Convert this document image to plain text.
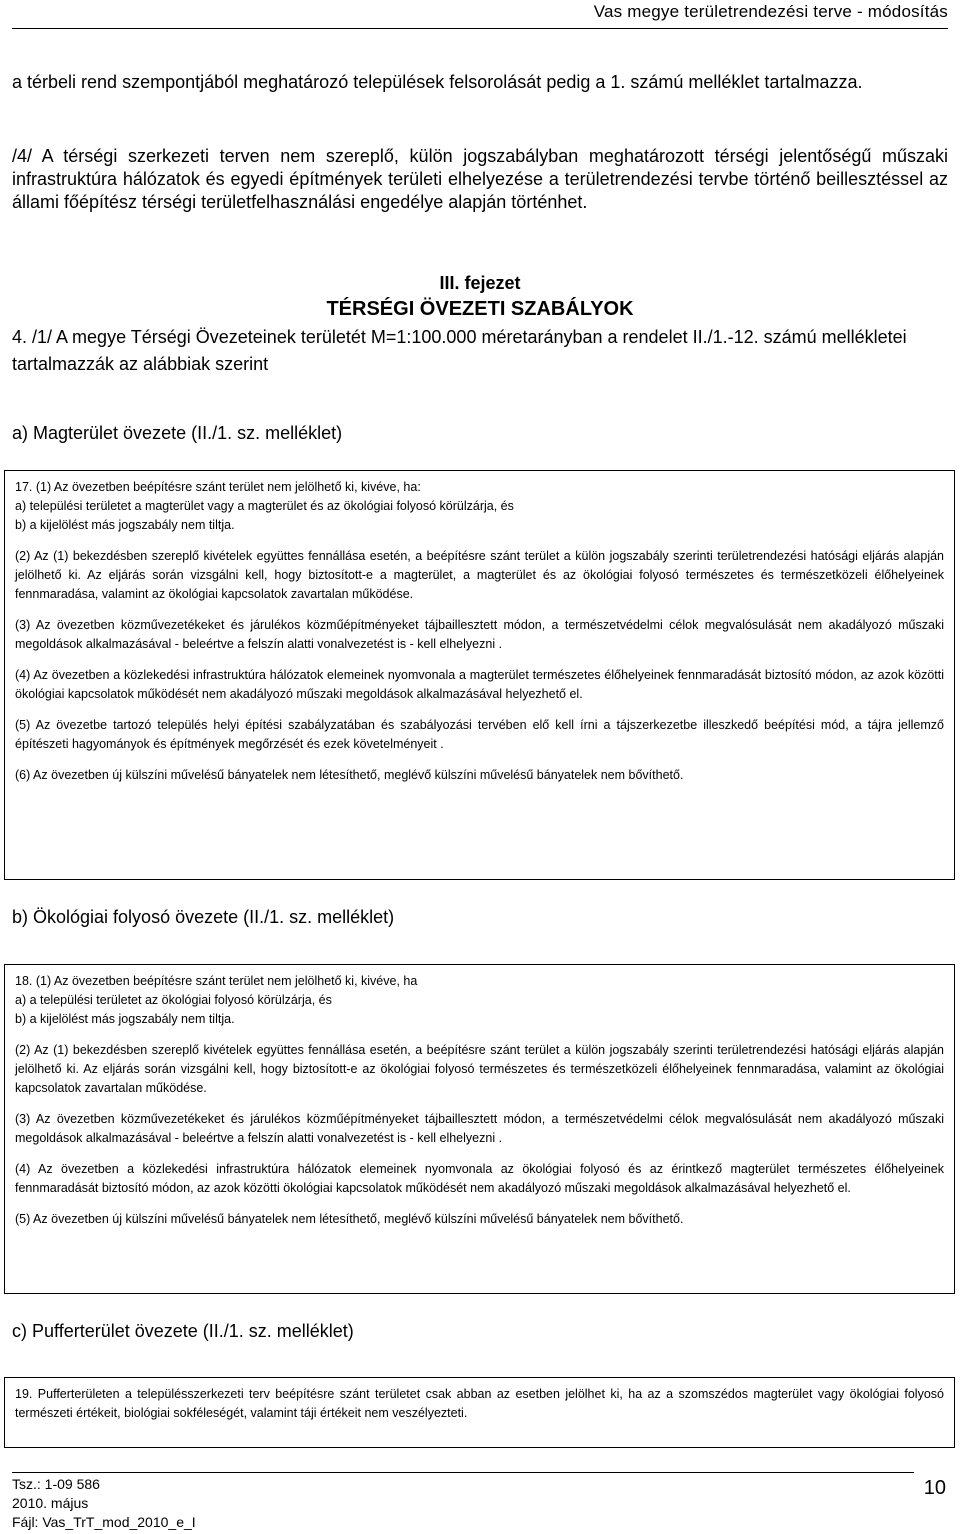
Vas megye területrendezési terve - módosítás

a térbeli rend szempontjából meghatározó települések felsorolását pedig a 1. számú melléklet tartalmazza.

/4/ A térségi szerkezeti terven nem szereplő, külön jogszabályban meghatározott térségi jelentőségű műszaki infrastruktúra hálózatok és egyedi építmények területi elhelyezése a területrendezési tervbe történő beillesztéssel az állami főépítész térségi területfelhasználási engedélye alapján történhet.

III. fejezet
TÉRSÉGI ÖVEZETI SZABÁLYOK

4. /1/ A megye Térségi Övezeteinek területét M=1:100.000 méretarányban a rendelet II./1.-12. számú mellékletei tartalmazzák az alábbiak szerint

a) Magterület övezete (II./1. sz. melléklet)

17. (1) Az övezetben beépítésre szánt terület nem jelölhető ki, kivéve, ha:
a) települési területet a magterület vagy a magterület és az ökológiai folyosó körülzárja, és
b) a kijelölést más jogszabály nem tiltja.

(2) Az (1) bekezdésben szereplő kivételek együttes fennállása esetén, a beépítésre szánt terület a külön jogszabály szerinti területrendezési hatósági eljárás alapján jelölhető ki. Az eljárás során vizsgálni kell, hogy biztosított-e a magterület, a magterület és az ökológiai folyosó természetes és természetközeli élőhelyeinek fennmaradása, valamint az ökológiai kapcsolatok zavartalan működése.

(3) Az övezetben közművezetékeket és járulékos közműépítményeket tájbaillesztett módon, a természetvédelmi célok megvalósulását nem akadályozó műszaki megoldások alkalmazásával - beleértve a felszín alatti vonalvezetést is - kell elhelyezni .

(4) Az övezetben a közlekedési infrastruktúra hálózatok elemeinek nyomvonala a magterület természetes élőhelyeinek fennmaradását biztosító módon, az azok közötti ökológiai kapcsolatok működését nem akadályozó műszaki megoldások alkalmazásával helyezhető el.

(5) Az övezetbe tartozó település helyi építési szabályzatában és szabályozási tervében elő kell írni a tájszerkezetbe illeszkedő beépítési mód, a tájra jellemző építészeti hagyományok és építmények megőrzését és ezek követelményeit .

(6) Az övezetben új külszíni művelésű bányatelek nem létesíthető, meglévő külszíni művelésű bányatelek nem bővíthető.

b) Ökológiai folyosó övezete (II./1. sz. melléklet)

18. (1) Az övezetben beépítésre szánt terület nem jelölhető ki, kivéve, ha
a) a települési területet az ökológiai folyosó körülzárja, és
b) a kijelölést más jogszabály nem tiltja.

(2) Az (1) bekezdésben szereplő kivételek együttes fennállása esetén, a beépítésre szánt terület a külön jogszabály szerinti területrendezési hatósági eljárás alapján jelölhető ki. Az eljárás során vizsgálni kell, hogy biztosított-e az ökológiai folyosó természetes és természetközeli élőhelyeinek fennmaradása, valamint az ökológiai kapcsolatok zavartalan működése.

(3) Az övezetben közművezetékeket és járulékos közműépítményeket tájbaillesztett módon, a természetvédelmi célok megvalósulását nem akadályozó műszaki megoldások alkalmazásával - beleértve a felszín alatti vonalvezetést is - kell elhelyezni .

(4) Az övezetben a közlekedési infrastruktúra hálózatok elemeinek nyomvonala az ökológiai folyosó és az érintkező magterület természetes élőhelyeinek fennmaradását biztosító módon, az azok közötti ökológiai kapcsolatok működését nem akadályozó műszaki megoldások alkalmazásával helyezhető el.

(5) Az övezetben új külszíni művelésű bányatelek nem létesíthető, meglévő külszíni művelésű bányatelek nem bővíthető.

c) Pufferterület övezete (II./1. sz. melléklet)

19. Pufferterületen a településszerkezeti terv beépítésre szánt területet csak abban az esetben jelölhet ki, ha az a szomszédos magterület vagy ökológiai folyosó természeti értékeit, biológiai sokféleségét, valamint táji értékeit nem veszélyezteti.

Tsz.: 1-09 586
2010. május
Fájl: Vas_TrT_mod_2010_e_I
10
